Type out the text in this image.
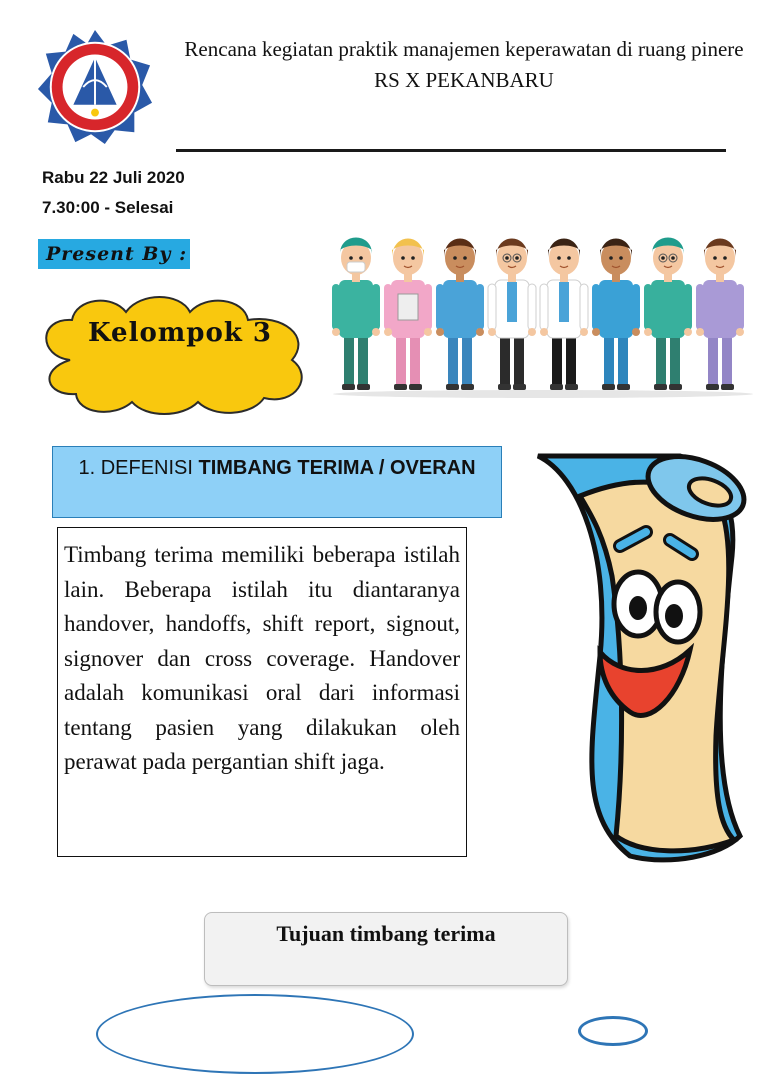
Rencana kegiatan praktik manajemen keperawatan di ruang pinere RS X PEKANBARU
Rabu 22 Juli 2020
7.30:00 - Selesai
Present By :
Kelompok 3
1. DEFENISI TIMBANG TERIMA / OVERAN
Timbang terima memiliki beberapa istilah lain. Beberapa istilah itu diantaranya handover, handoffs, shift report, signout, signover dan cross coverage. Handover adalah komunikasi oral dari informasi tentang pasien yang dilakukan oleh perawat pada pergantian shift jaga.
Tujuan timbang terima
